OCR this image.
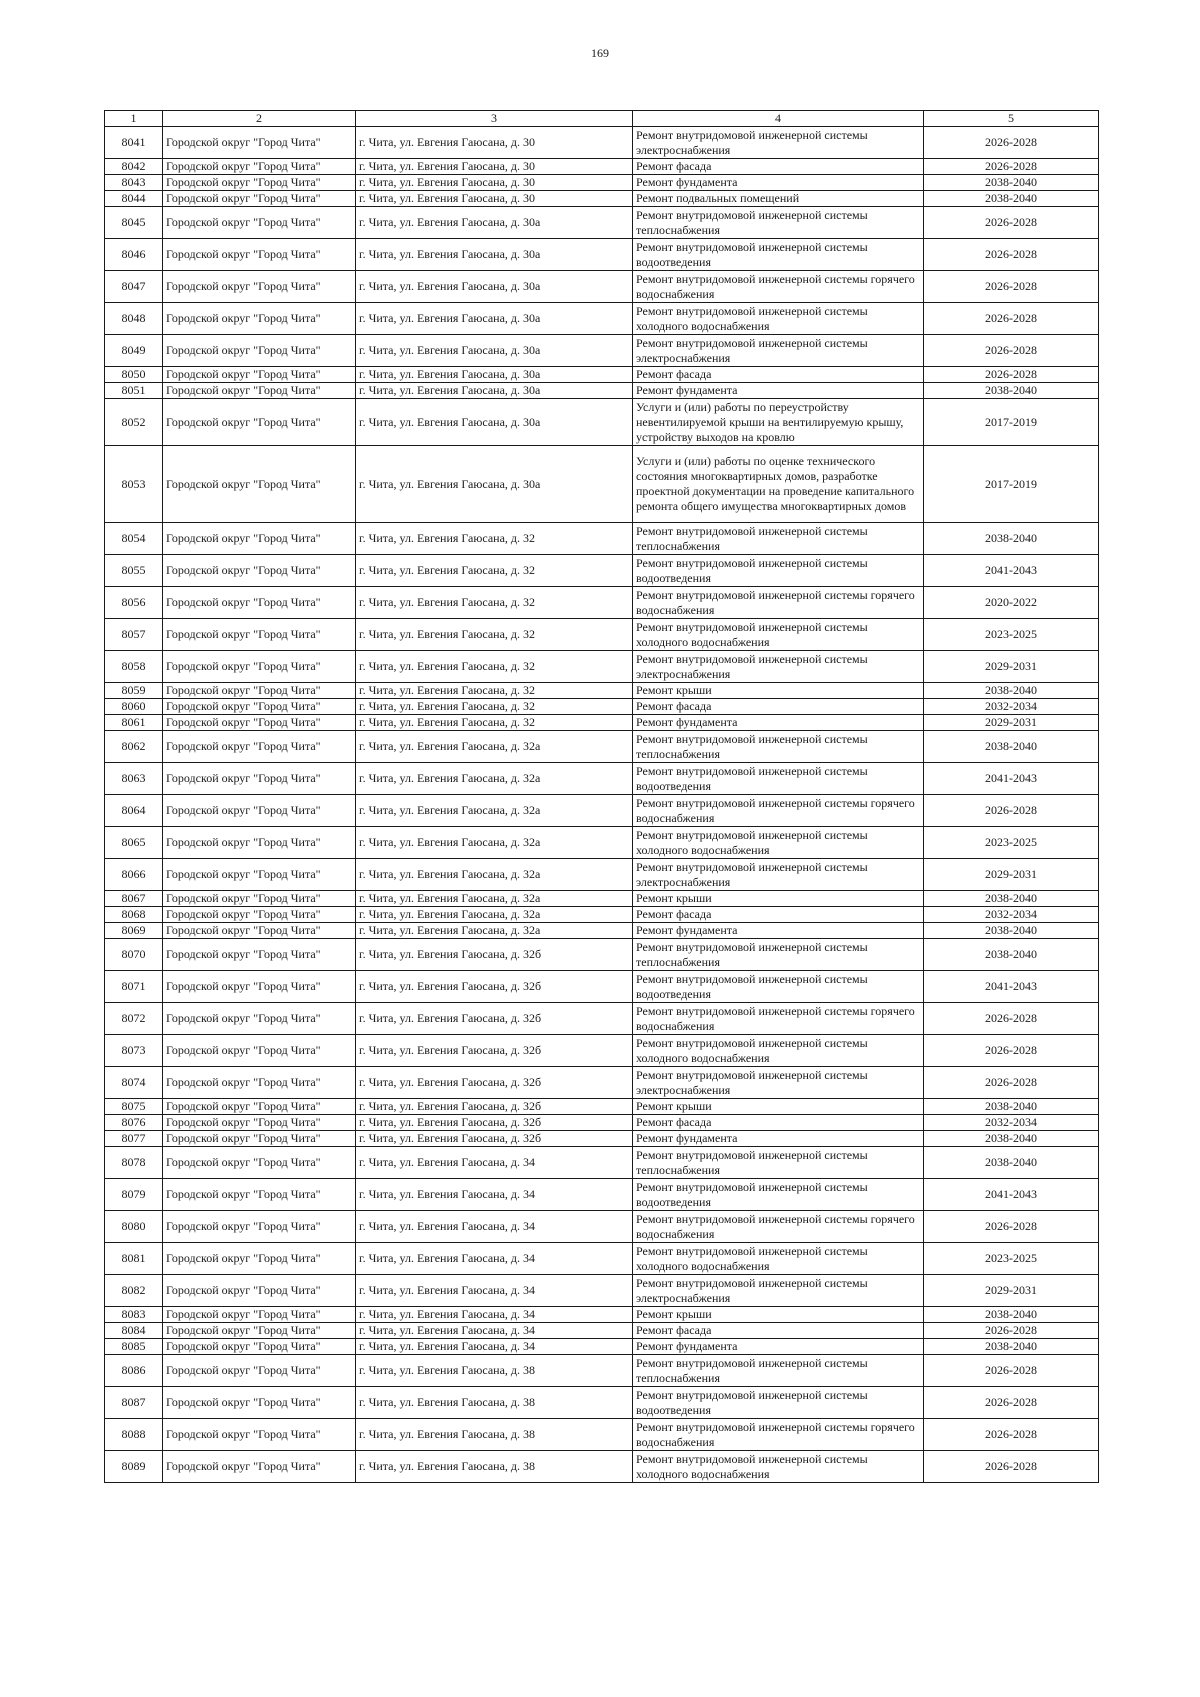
169
1	2	3	4	5
8041	Городской округ "Город Чита"	г. Чита, ул. Евгения Гаюсана, д. 30	Ремонт внутридомовой инженерной системы электроснабжения	2026-2028
8042	Городской округ "Город Чита"	г. Чита, ул. Евгения Гаюсана, д. 30	Ремонт фасада	2026-2028
8043	Городской округ "Город Чита"	г. Чита, ул. Евгения Гаюсана, д. 30	Ремонт фундамента	2038-2040
8044	Городской округ "Город Чита"	г. Чита, ул. Евгения Гаюсана, д. 30	Ремонт подвальных помещений	2038-2040
8045	Городской округ "Город Чита"	г. Чита, ул. Евгения Гаюсана, д. 30а	Ремонт внутридомовой инженерной системы теплоснабжения	2026-2028
8046	Городской округ "Город Чита"	г. Чита, ул. Евгения Гаюсана, д. 30а	Ремонт внутридомовой инженерной системы водоотведения	2026-2028
8047	Городской округ "Город Чита"	г. Чита, ул. Евгения Гаюсана, д. 30а	Ремонт внутридомовой инженерной системы горячего водоснабжения	2026-2028
8048	Городской округ "Город Чита"	г. Чита, ул. Евгения Гаюсана, д. 30а	Ремонт внутридомовой инженерной системы холодного водоснабжения	2026-2028
8049	Городской округ "Город Чита"	г. Чита, ул. Евгения Гаюсана, д. 30а	Ремонт внутридомовой инженерной системы электроснабжения	2026-2028
8050	Городской округ "Город Чита"	г. Чита, ул. Евгения Гаюсана, д. 30а	Ремонт фасада	2026-2028
8051	Городской округ "Город Чита"	г. Чита, ул. Евгения Гаюсана, д. 30а	Ремонт фундамента	2038-2040
8052	Городской округ "Город Чита"	г. Чита, ул. Евгения Гаюсана, д. 30а	Услуги и (или) работы по переустройству невентилируемой крыши на вентилируемую крышу, устройству выходов на кровлю	2017-2019
8053	Городской округ "Город Чита"	г. Чита, ул. Евгения Гаюсана, д. 30а	Услуги и (или) работы по оценке технического состояния многоквартирных домов, разработке проектной документации на проведение капитального ремонта общего имущества многоквартирных домов	2017-2019
8054	Городской округ "Город Чита"	г. Чита, ул. Евгения Гаюсана, д. 32	Ремонт внутридомовой инженерной системы теплоснабжения	2038-2040
8055	Городской округ "Город Чита"	г. Чита, ул. Евгения Гаюсана, д. 32	Ремонт внутридомовой инженерной системы водоотведения	2041-2043
8056	Городской округ "Город Чита"	г. Чита, ул. Евгения Гаюсана, д. 32	Ремонт внутридомовой инженерной системы горячего водоснабжения	2020-2022
8057	Городской округ "Город Чита"	г. Чита, ул. Евгения Гаюсана, д. 32	Ремонт внутридомовой инженерной системы холодного водоснабжения	2023-2025
8058	Городской округ "Город Чита"	г. Чита, ул. Евгения Гаюсана, д. 32	Ремонт внутридомовой инженерной системы электроснабжения	2029-2031
8059	Городской округ "Город Чита"	г. Чита, ул. Евгения Гаюсана, д. 32	Ремонт крыши	2038-2040
8060	Городской округ "Город Чита"	г. Чита, ул. Евгения Гаюсана, д. 32	Ремонт фасада	2032-2034
8061	Городской округ "Город Чита"	г. Чита, ул. Евгения Гаюсана, д. 32	Ремонт фундамента	2029-2031
8062	Городской округ "Город Чита"	г. Чита, ул. Евгения Гаюсана, д. 32а	Ремонт внутридомовой инженерной системы теплоснабжения	2038-2040
8063	Городской округ "Город Чита"	г. Чита, ул. Евгения Гаюсана, д. 32а	Ремонт внутридомовой инженерной системы водоотведения	2041-2043
8064	Городской округ "Город Чита"	г. Чита, ул. Евгения Гаюсана, д. 32а	Ремонт внутридомовой инженерной системы горячего водоснабжения	2026-2028
8065	Городской округ "Город Чита"	г. Чита, ул. Евгения Гаюсана, д. 32а	Ремонт внутридомовой инженерной системы холодного водоснабжения	2023-2025
8066	Городской округ "Город Чита"	г. Чита, ул. Евгения Гаюсана, д. 32а	Ремонт внутридомовой инженерной системы электроснабжения	2029-2031
8067	Городской округ "Город Чита"	г. Чита, ул. Евгения Гаюсана, д. 32а	Ремонт крыши	2038-2040
8068	Городской округ "Город Чита"	г. Чита, ул. Евгения Гаюсана, д. 32а	Ремонт фасада	2032-2034
8069	Городской округ "Город Чита"	г. Чита, ул. Евгения Гаюсана, д. 32а	Ремонт фундамента	2038-2040
8070	Городской округ "Город Чита"	г. Чита, ул. Евгения Гаюсана, д. 32б	Ремонт внутридомовой инженерной системы теплоснабжения	2038-2040
8071	Городской округ "Город Чита"	г. Чита, ул. Евгения Гаюсана, д. 32б	Ремонт внутридомовой инженерной системы водоотведения	2041-2043
8072	Городской округ "Город Чита"	г. Чита, ул. Евгения Гаюсана, д. 32б	Ремонт внутридомовой инженерной системы горячего водоснабжения	2026-2028
8073	Городской округ "Город Чита"	г. Чита, ул. Евгения Гаюсана, д. 32б	Ремонт внутридомовой инженерной системы холодного водоснабжения	2026-2028
8074	Городской округ "Город Чита"	г. Чита, ул. Евгения Гаюсана, д. 32б	Ремонт внутридомовой инженерной системы электроснабжения	2026-2028
8075	Городской округ "Город Чита"	г. Чита, ул. Евгения Гаюсана, д. 32б	Ремонт крыши	2038-2040
8076	Городской округ "Город Чита"	г. Чита, ул. Евгения Гаюсана, д. 32б	Ремонт фасада	2032-2034
8077	Городской округ "Город Чита"	г. Чита, ул. Евгения Гаюсана, д. 32б	Ремонт фундамента	2038-2040
8078	Городской округ "Город Чита"	г. Чита, ул. Евгения Гаюсана, д. 34	Ремонт внутридомовой инженерной системы теплоснабжения	2038-2040
8079	Городской округ "Город Чита"	г. Чита, ул. Евгения Гаюсана, д. 34	Ремонт внутридомовой инженерной системы водоотведения	2041-2043
8080	Городской округ "Город Чита"	г. Чита, ул. Евгения Гаюсана, д. 34	Ремонт внутридомовой инженерной системы горячего водоснабжения	2026-2028
8081	Городской округ "Город Чита"	г. Чита, ул. Евгения Гаюсана, д. 34	Ремонт внутридомовой инженерной системы холодного водоснабжения	2023-2025
8082	Городской округ "Город Чита"	г. Чита, ул. Евгения Гаюсана, д. 34	Ремонт внутридомовой инженерной системы электроснабжения	2029-2031
8083	Городской округ "Город Чита"	г. Чита, ул. Евгения Гаюсана, д. 34	Ремонт крыши	2038-2040
8084	Городской округ "Город Чита"	г. Чита, ул. Евгения Гаюсана, д. 34	Ремонт фасада	2026-2028
8085	Городской округ "Город Чита"	г. Чита, ул. Евгения Гаюсана, д. 34	Ремонт фундамента	2038-2040
8086	Городской округ "Город Чита"	г. Чита, ул. Евгения Гаюсана, д. 38	Ремонт внутридомовой инженерной системы теплоснабжения	2026-2028
8087	Городской округ "Город Чита"	г. Чита, ул. Евгения Гаюсана, д. 38	Ремонт внутридомовой инженерной системы водоотведения	2026-2028
8088	Городской округ "Город Чита"	г. Чита, ул. Евгения Гаюсана, д. 38	Ремонт внутридомовой инженерной системы горячего водоснабжения	2026-2028
8089	Городской округ "Город Чита"	г. Чита, ул. Евгения Гаюсана, д. 38	Ремонт внутридомовой инженерной системы холодного водоснабжения	2026-2028
